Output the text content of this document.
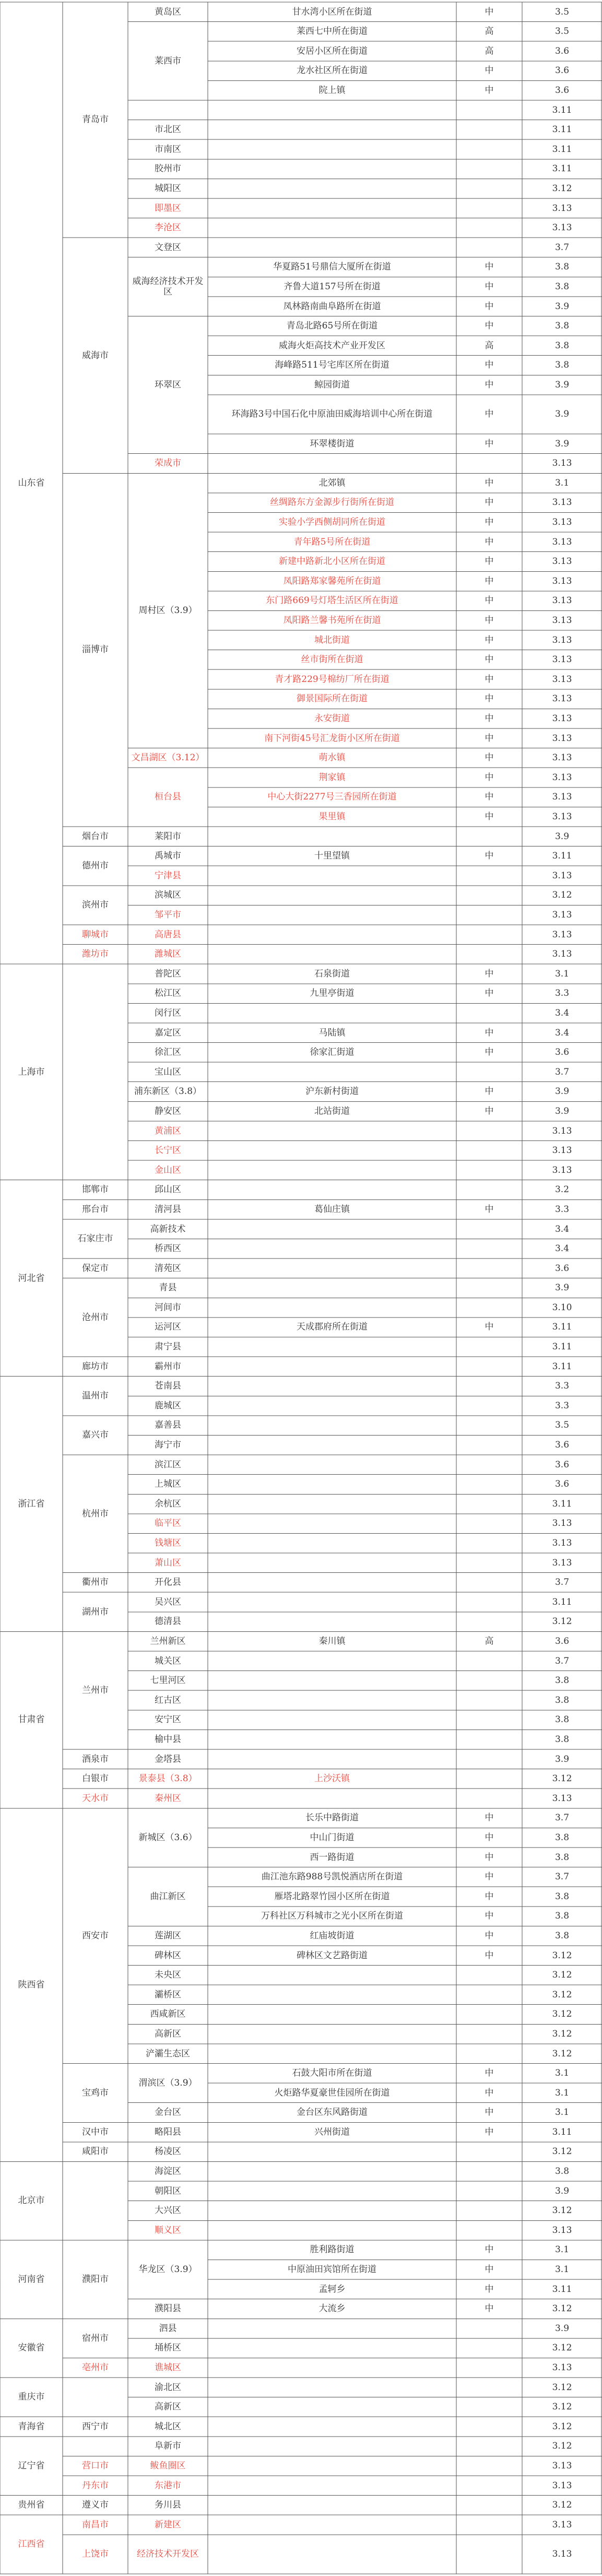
山东省
上海市
河北省
浙江省
甘肃省
陕西省
北京市
河南省
安徽省
重庆市
青海省
辽宁省
贵州省
江西省
青岛市
威海市
淄博市
烟台市
德州市
滨州市
聊城市
潍坊市
邯郸市
邢台市
石家庄市
保定市
沧州市
廊坊市
温州市
嘉兴市
杭州市
衢州市
湖州市
兰州市
酒泉市
白银市
天水市
西安市
宝鸡市
汉中市
咸阳市
濮阳市
宿州市
亳州市
西宁市
营口市
丹东市
遵义市
南昌市
上饶市
黄岛区
莱西市
市北区
市南区
胶州市
城阳区
即墨区
李沧区
文登区
威海经济技术开发区
环翠区
荣成市
周村区（3.9）
文昌湖区（3.12）
桓台县
莱阳市
禹城市
宁津县
滨城区
邹平市
高唐县
潍城区
普陀区
松江区
闵行区
嘉定区
徐汇区
宝山区
浦东新区（3.8）
静安区
黄浦区
长宁区
金山区
邱山区
清河县
高新技术
桥西区
清苑区
青县
河间市
运河区
肃宁县
霸州市
苍南县
鹿城区
嘉善县
海宁市
滨江区
上城区
余杭区
临平区
钱塘区
萧山区
开化县
吴兴区
德清县
兰州新区
城关区
七里河区
红古区
安宁区
榆中县
金塔县
景泰县（3.8）
秦州区
新城区（3.6）
曲江新区
莲湖区
碑林区
未央区
灞桥区
西咸新区
高新区
浐灞生态区
渭滨区（3.9）
金台区
略阳县
杨凌区
海淀区
朝阳区
大兴区
顺义区
华龙区（3.9）
濮阳县
泗县
埇桥区
谯城区
渝北区
高新区
城北区
阜新市
鲅鱼圈区
东港市
务川县
新建区
经济技术开发区
甘水湾小区所在街道
莱西七中所在街道
安居小区所在街道
龙水社区所在街道
院上镇
华夏路51号鼎信大厦所在街道
齐鲁大道157号所在街道
凤林路南曲阜路所在街道
青岛北路65号所在街道
威海火炬高技术产业开发区
海峰路511号宅库区所在街道
鲸园街道
环海路3号中国石化中原油田威海培训中心所在街道
环翠楼街道
北郊镇
丝绸路东方金源步行街所在街道
实验小学西侧胡同所在街道
青年路5号所在街道
新建中路新北小区所在街道
凤阳路郑家馨苑所在街道
东门路669号灯塔生活区所在街道
凤阳路兰馨书苑所在街道
城北街道
丝市街所在街道
青才路229号棉纺厂所在街道
御景国际所在街道
永安街道
南下河街45号汇龙街小区所在街道
萌水镇
荆家镇
中心大街2277号三香园所在街道
果里镇
十里望镇
石泉街道
九里亭街道
马陆镇
徐家汇街道
沪东新村街道
北站街道
葛仙庄镇
天成郡府所在街道
秦川镇
上沙沃镇
长乐中路街道
中山门街道
西一路街道
曲江池东路988号凯悦酒店所在街道
雁塔北路翠竹园小区所在街道
万科社区万科城市之光小区所在街道
红庙坡街道
碑林区文艺路街道
石鼓大阳市所在街道
火炬路华夏豪世佳园所在街道
金台区东风路街道
兴州街道
胜利路街道
中原油田宾馆所在街道
孟轲乡
大流乡
中
高
高
中
中
中
中
中
中
高
中
中
中
中
中
中
中
中
中
中
中
中
中
中
中
中
中
中
中
中
中
中
中
中
中
中
中
中
中
中
中
高
中
中
中
中
中
中
中
中
中
中
中
中
中
中
中
中
3.5
3.5
3.6
3.6
3.6
3.11
3.11
3.11
3.11
3.12
3.13
3.13
3.7
3.8
3.8
3.9
3.8
3.8
3.8
3.9
3.9
3.9
3.13
3.1
3.13
3.13
3.13
3.13
3.13
3.13
3.13
3.13
3.13
3.13
3.13
3.13
3.13
3.13
3.13
3.13
3.13
3.9
3.11
3.13
3.12
3.13
3.13
3.13
3.1
3.3
3.4
3.4
3.6
3.7
3.9
3.9
3.13
3.13
3.13
3.2
3.3
3.4
3.4
3.6
3.9
3.10
3.11
3.11
3.11
3.3
3.3
3.5
3.6
3.6
3.6
3.11
3.13
3.13
3.13
3.7
3.11
3.12
3.6
3.7
3.8
3.8
3.8
3.8
3.9
3.12
3.13
3.7
3.8
3.8
3.7
3.8
3.8
3.8
3.12
3.12
3.12
3.12
3.12
3.12
3.1
3.1
3.1
3.11
3.12
3.8
3.9
3.12
3.13
3.1
3.1
3.11
3.12
3.9
3.12
3.13
3.12
3.12
3.12
3.12
3.13
3.13
3.12
3.13
3.13
